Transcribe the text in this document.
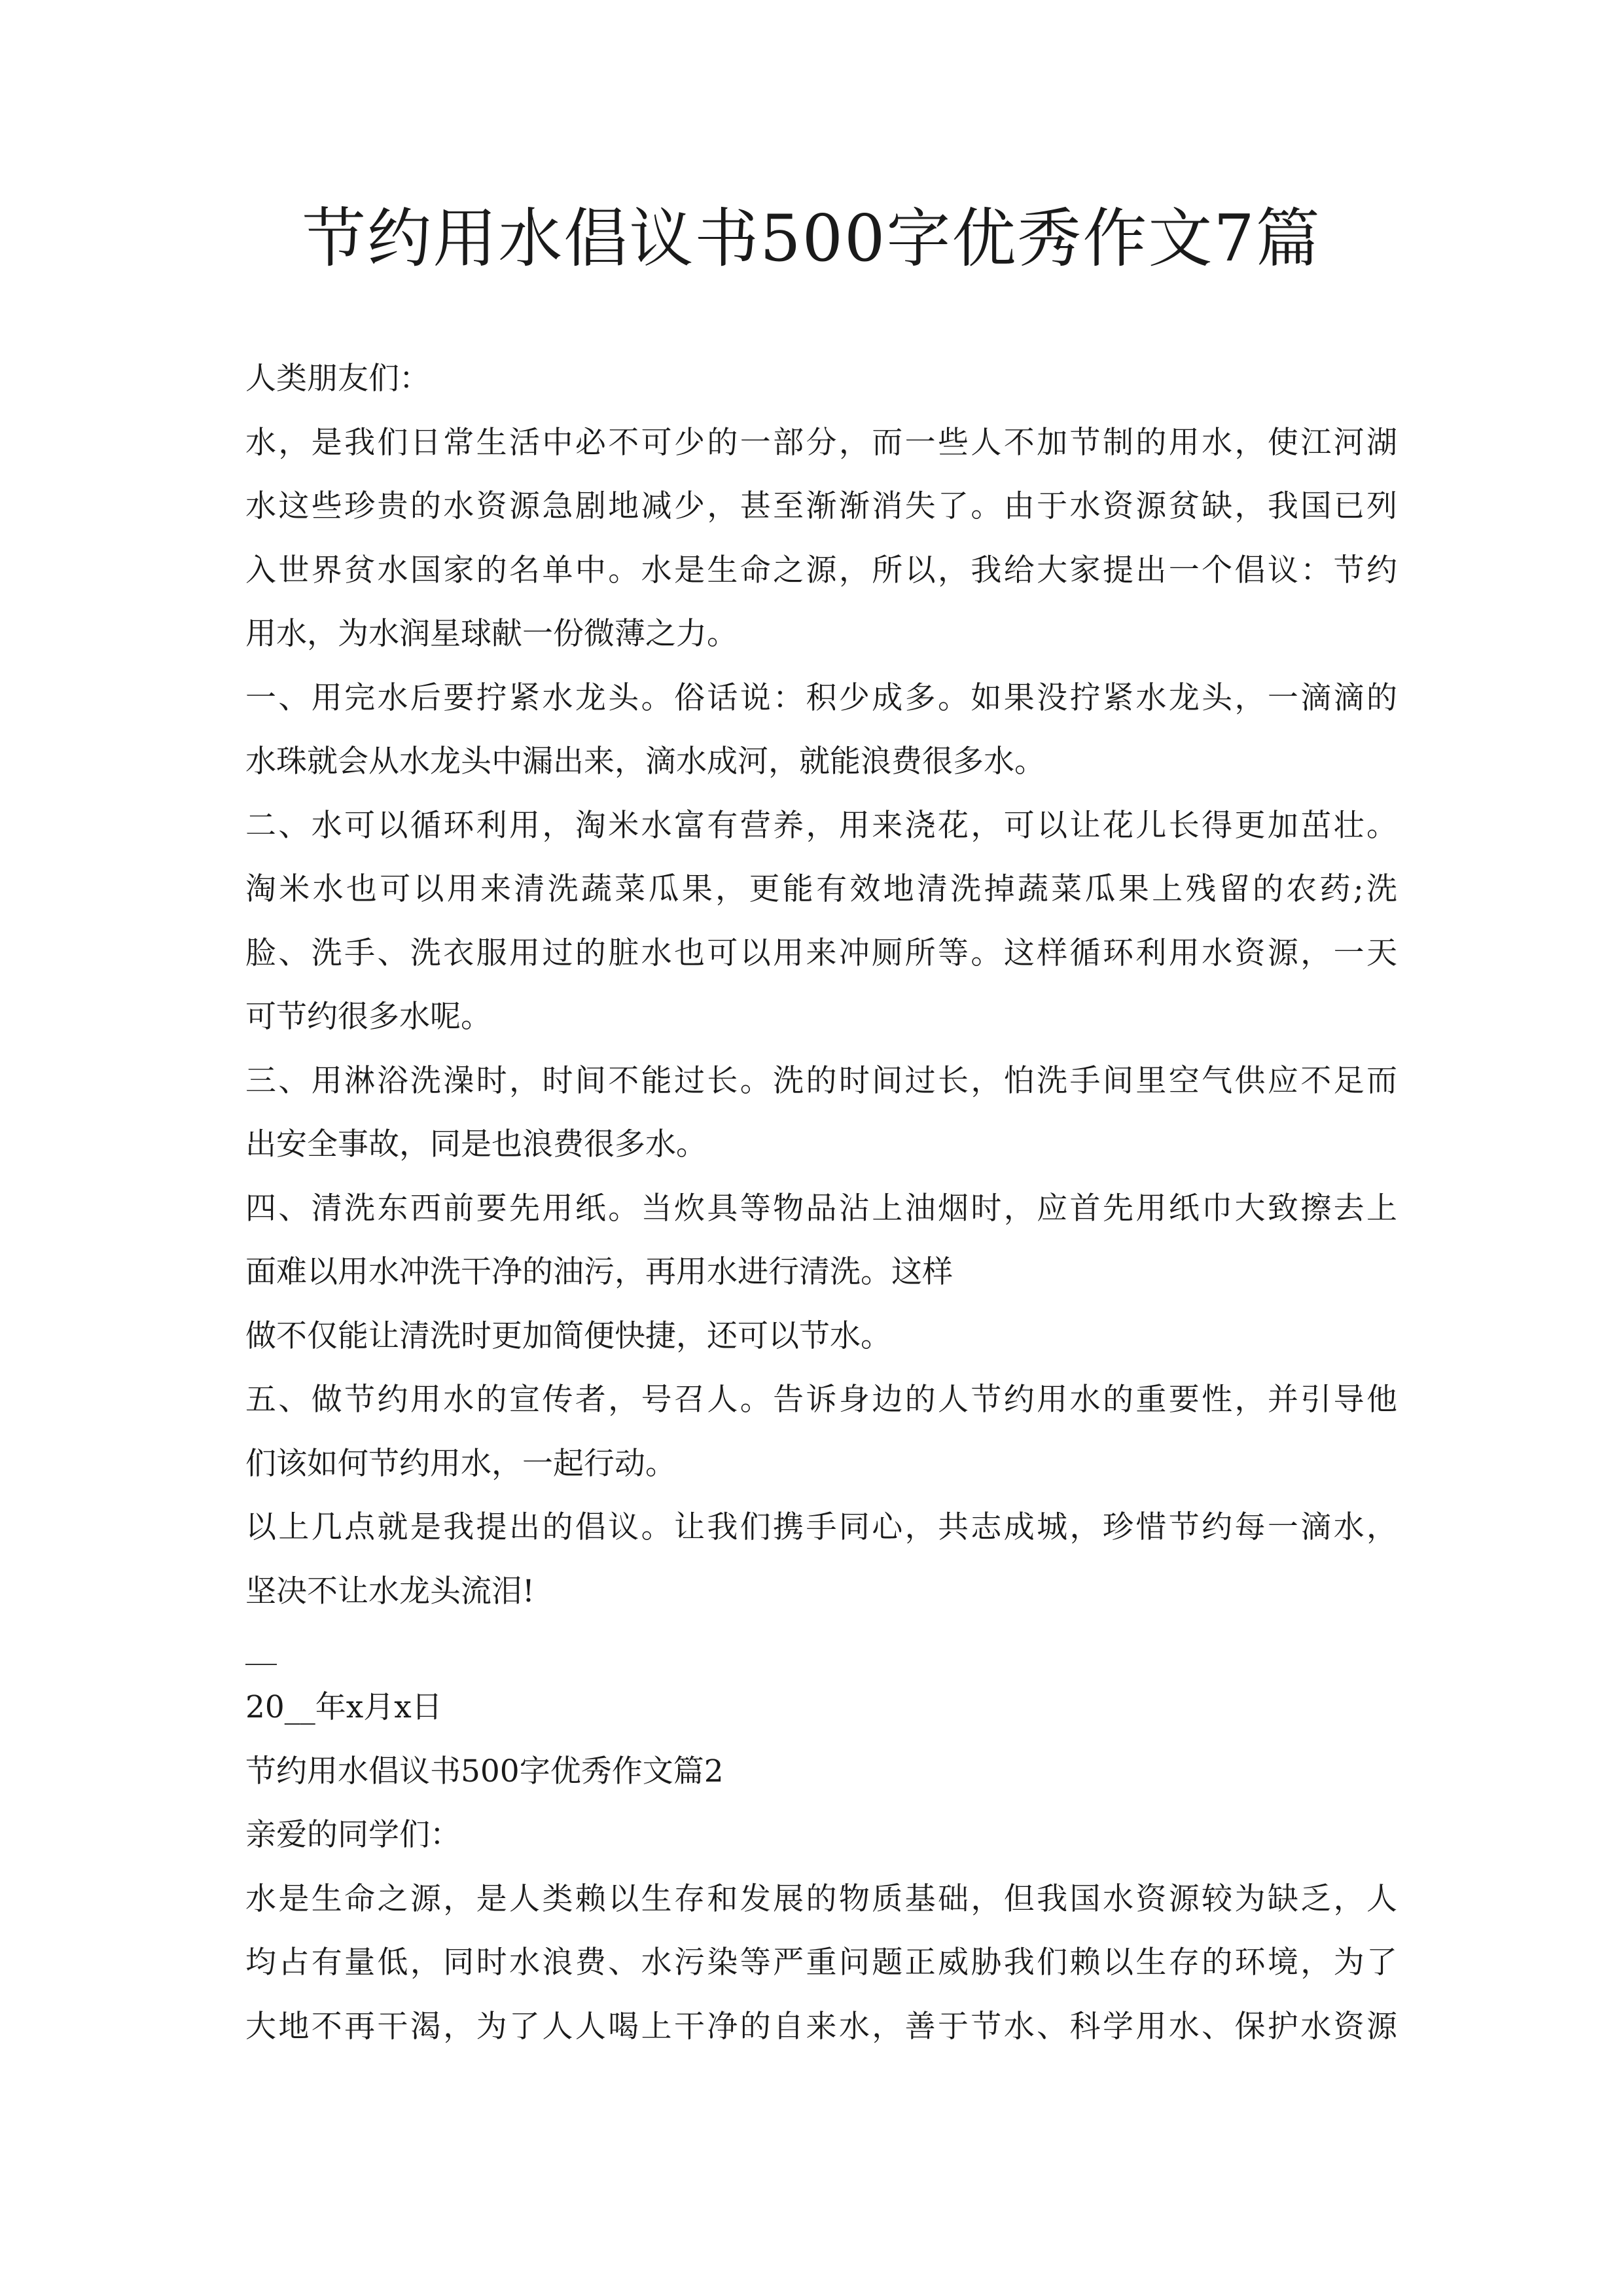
节约用水倡议书500字优秀作文7篇
人类朋友们：
水，是我们日常生活中必不可少的一部分，而一些人不加节制的用水，使江河湖
水这些珍贵的水资源急剧地减少，甚至渐渐消失了。由于水资源贫缺，我国已列
入世界贫水国家的名单中。水是生命之源，所以，我给大家提出一个倡议：节约
用水，为水润星球献一份微薄之力。
一、用完水后要拧紧水龙头。俗话说：积少成多。如果没拧紧水龙头，一滴滴的
水珠就会从水龙头中漏出来，滴水成河，就能浪费很多水。
二、水可以循环利用，淘米水富有营养，用来浇花，可以让花儿长得更加茁壮。
淘米水也可以用来清洗蔬菜瓜果，更能有效地清洗掉蔬菜瓜果上残留的农药;洗
脸、洗手、洗衣服用过的脏水也可以用来冲厕所等。这样循环利用水资源，一天
可节约很多水呢。
三、用淋浴洗澡时，时间不能过长。洗的时间过长，怕洗手间里空气供应不足而
出安全事故，同是也浪费很多水。
四、清洗东西前要先用纸。当炊具等物品沾上油烟时，应首先用纸巾大致擦去上
面难以用水冲洗干净的油污，再用水进行清洗。这样
做不仅能让清洗时更加简便快捷，还可以节水。
五、做节约用水的宣传者，号召人。告诉身边的人节约用水的重要性，并引导他
们该如何节约用水，一起行动。
以上几点就是我提出的倡议。让我们携手同心，共志成城，珍惜节约每一滴水，
坚决不让水龙头流泪!
20__年x月x日
节约用水倡议书500字优秀作文篇2
亲爱的同学们：
水是生命之源，是人类赖以生存和发展的物质基础，但我国水资源较为缺乏，人
均占有量低，同时水浪费、水污染等严重问题正威胁我们赖以生存的环境，为了
大地不再干渴，为了人人喝上干净的自来水，善于节水、科学用水、保护水资源
